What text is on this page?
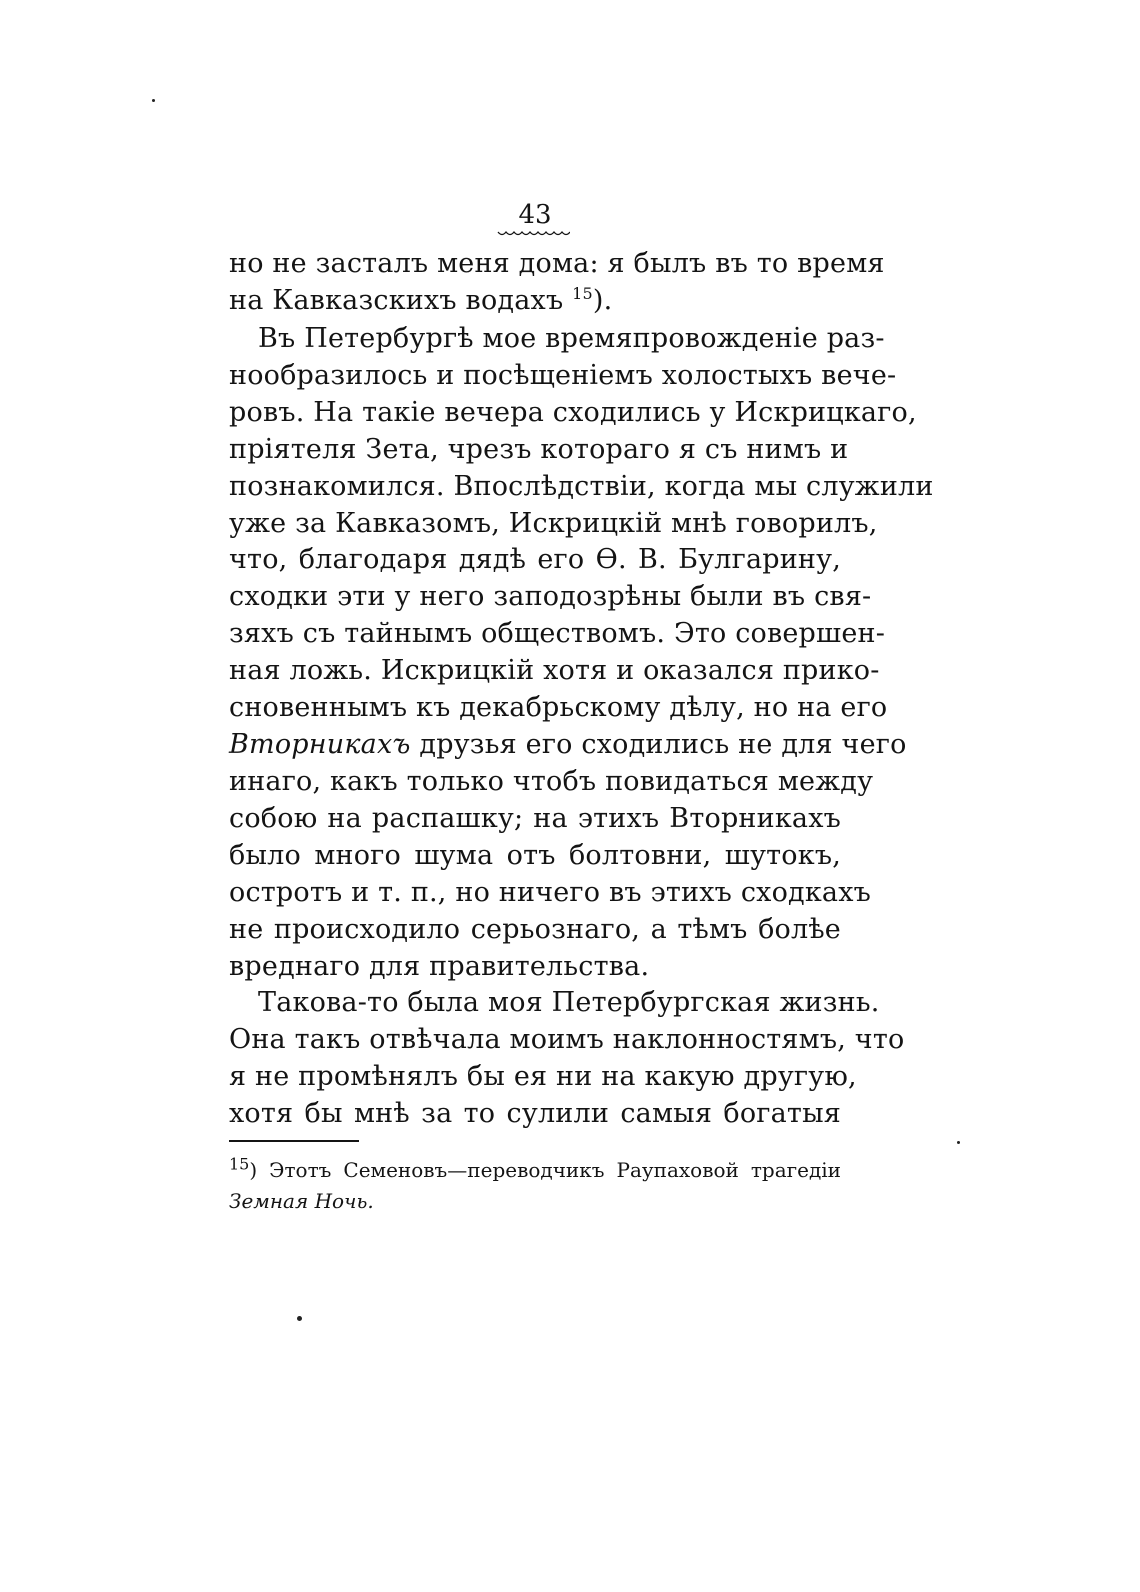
43
но не засталъ меня дома: я былъ въ то время
на Кавказскихъ водахъ $^{15}$).
Въ Петербургѣ мое времяпровожденіе раз-
нообразилось и посѣщеніемъ холостыхъ вече-
ровъ. На такіе вечера сходились у Искрицкаго,
пріятеля Зета, чрезъ котораго я съ нимъ и
познакомился. Впослѣдствіи, когда мы служили
уже за Кавказомъ, Искрицкій мнѣ говорилъ,
что, благодаря дядѣ его Ѳ. В. Булгарину,
сходки эти у него заподозрѣны были въ свя-
зяхъ съ тайнымъ обществомъ. Это совершен-
ная ложь. Искрицкій хотя и оказался прико-
сновеннымъ къ декабрьскому дѣлу, но на его
Вторникахъ друзья его сходились не для чего
инаго, какъ только чтобъ повидаться между
собою на распашку; на этихъ Вторникахъ
было много шума отъ болтовни, шутокъ,
остротъ и т. п., но ничего въ этихъ сходкахъ
не происходило серьознаго, а тѣмъ болѣе
вреднаго для правительства.
Такова-то была моя Петербургская жизнь.
Она такъ отвѣчала моимъ наклонностямъ, что
я не промѣнялъ бы ея ни на какую другую,
хотя бы мнѣ за то сулили самыя богатыя
$^{15}$) Этотъ Семеновъ—переводчикъ Раупаховой трагедіи
Земная Ночь.
